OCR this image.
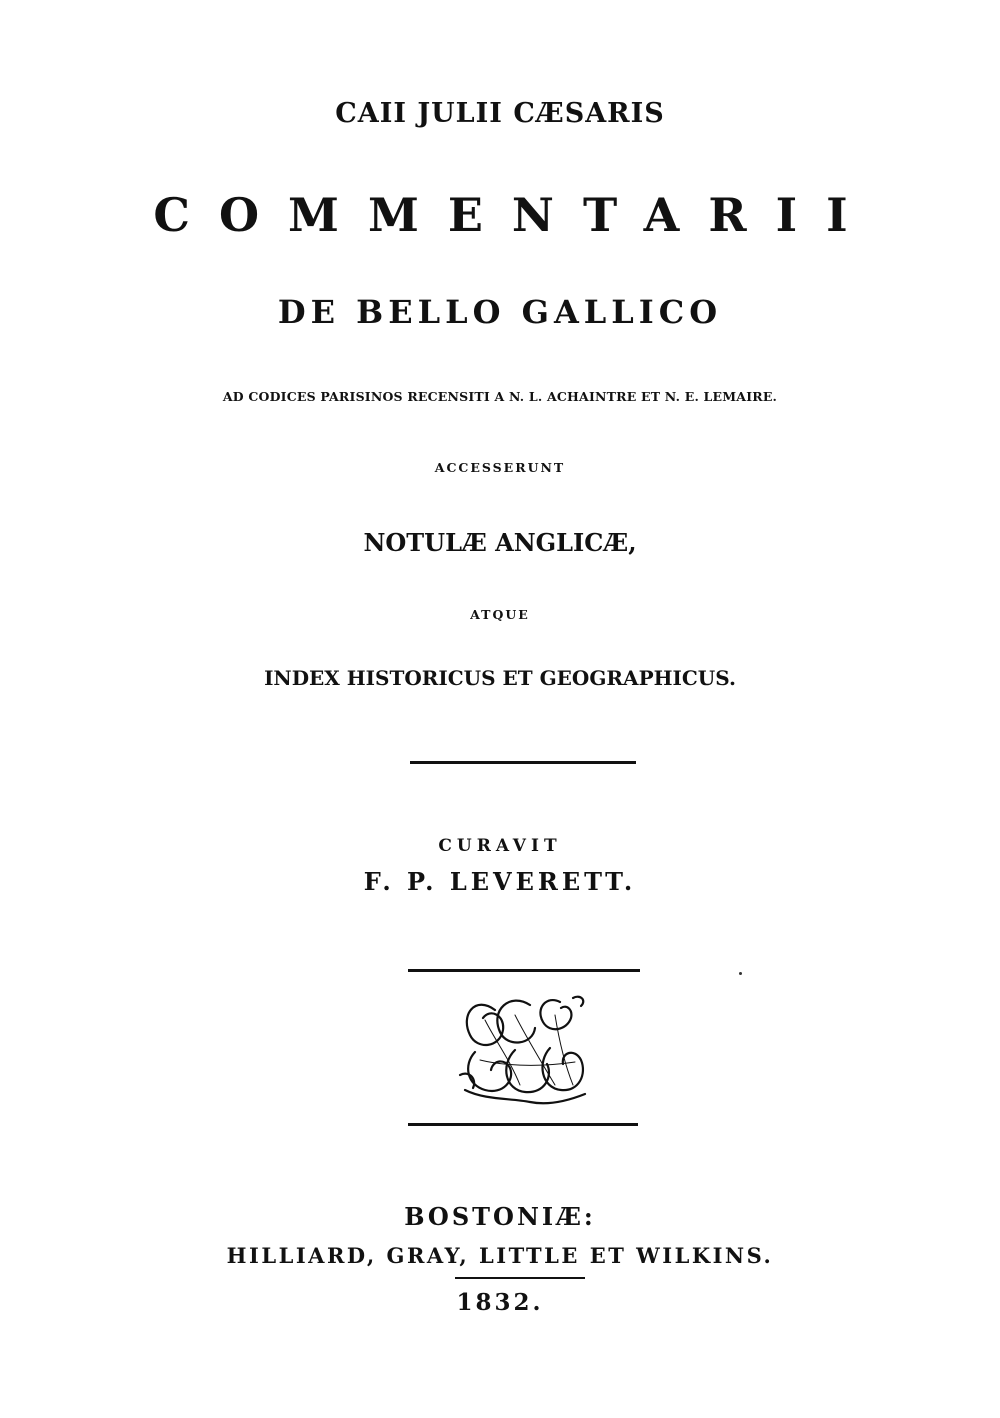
CAII JULII CÆSARIS
COMMENTARII
DE BELLO GALLICO
AD CODICES PARISINOS RECENSITI A N. L. ACHAINTRE ET N. E. LEMAIRE.
ACCESSERUNT
NOTULÆ ANGLICÆ,
ATQUE
INDEX HISTORICUS ET GEOGRAPHICUS.
CURAVIT
F. P. LEVERETT.
BOSTONIÆ:
HILLIARD, GRAY, LITTLE ET WILKINS.
1832.
